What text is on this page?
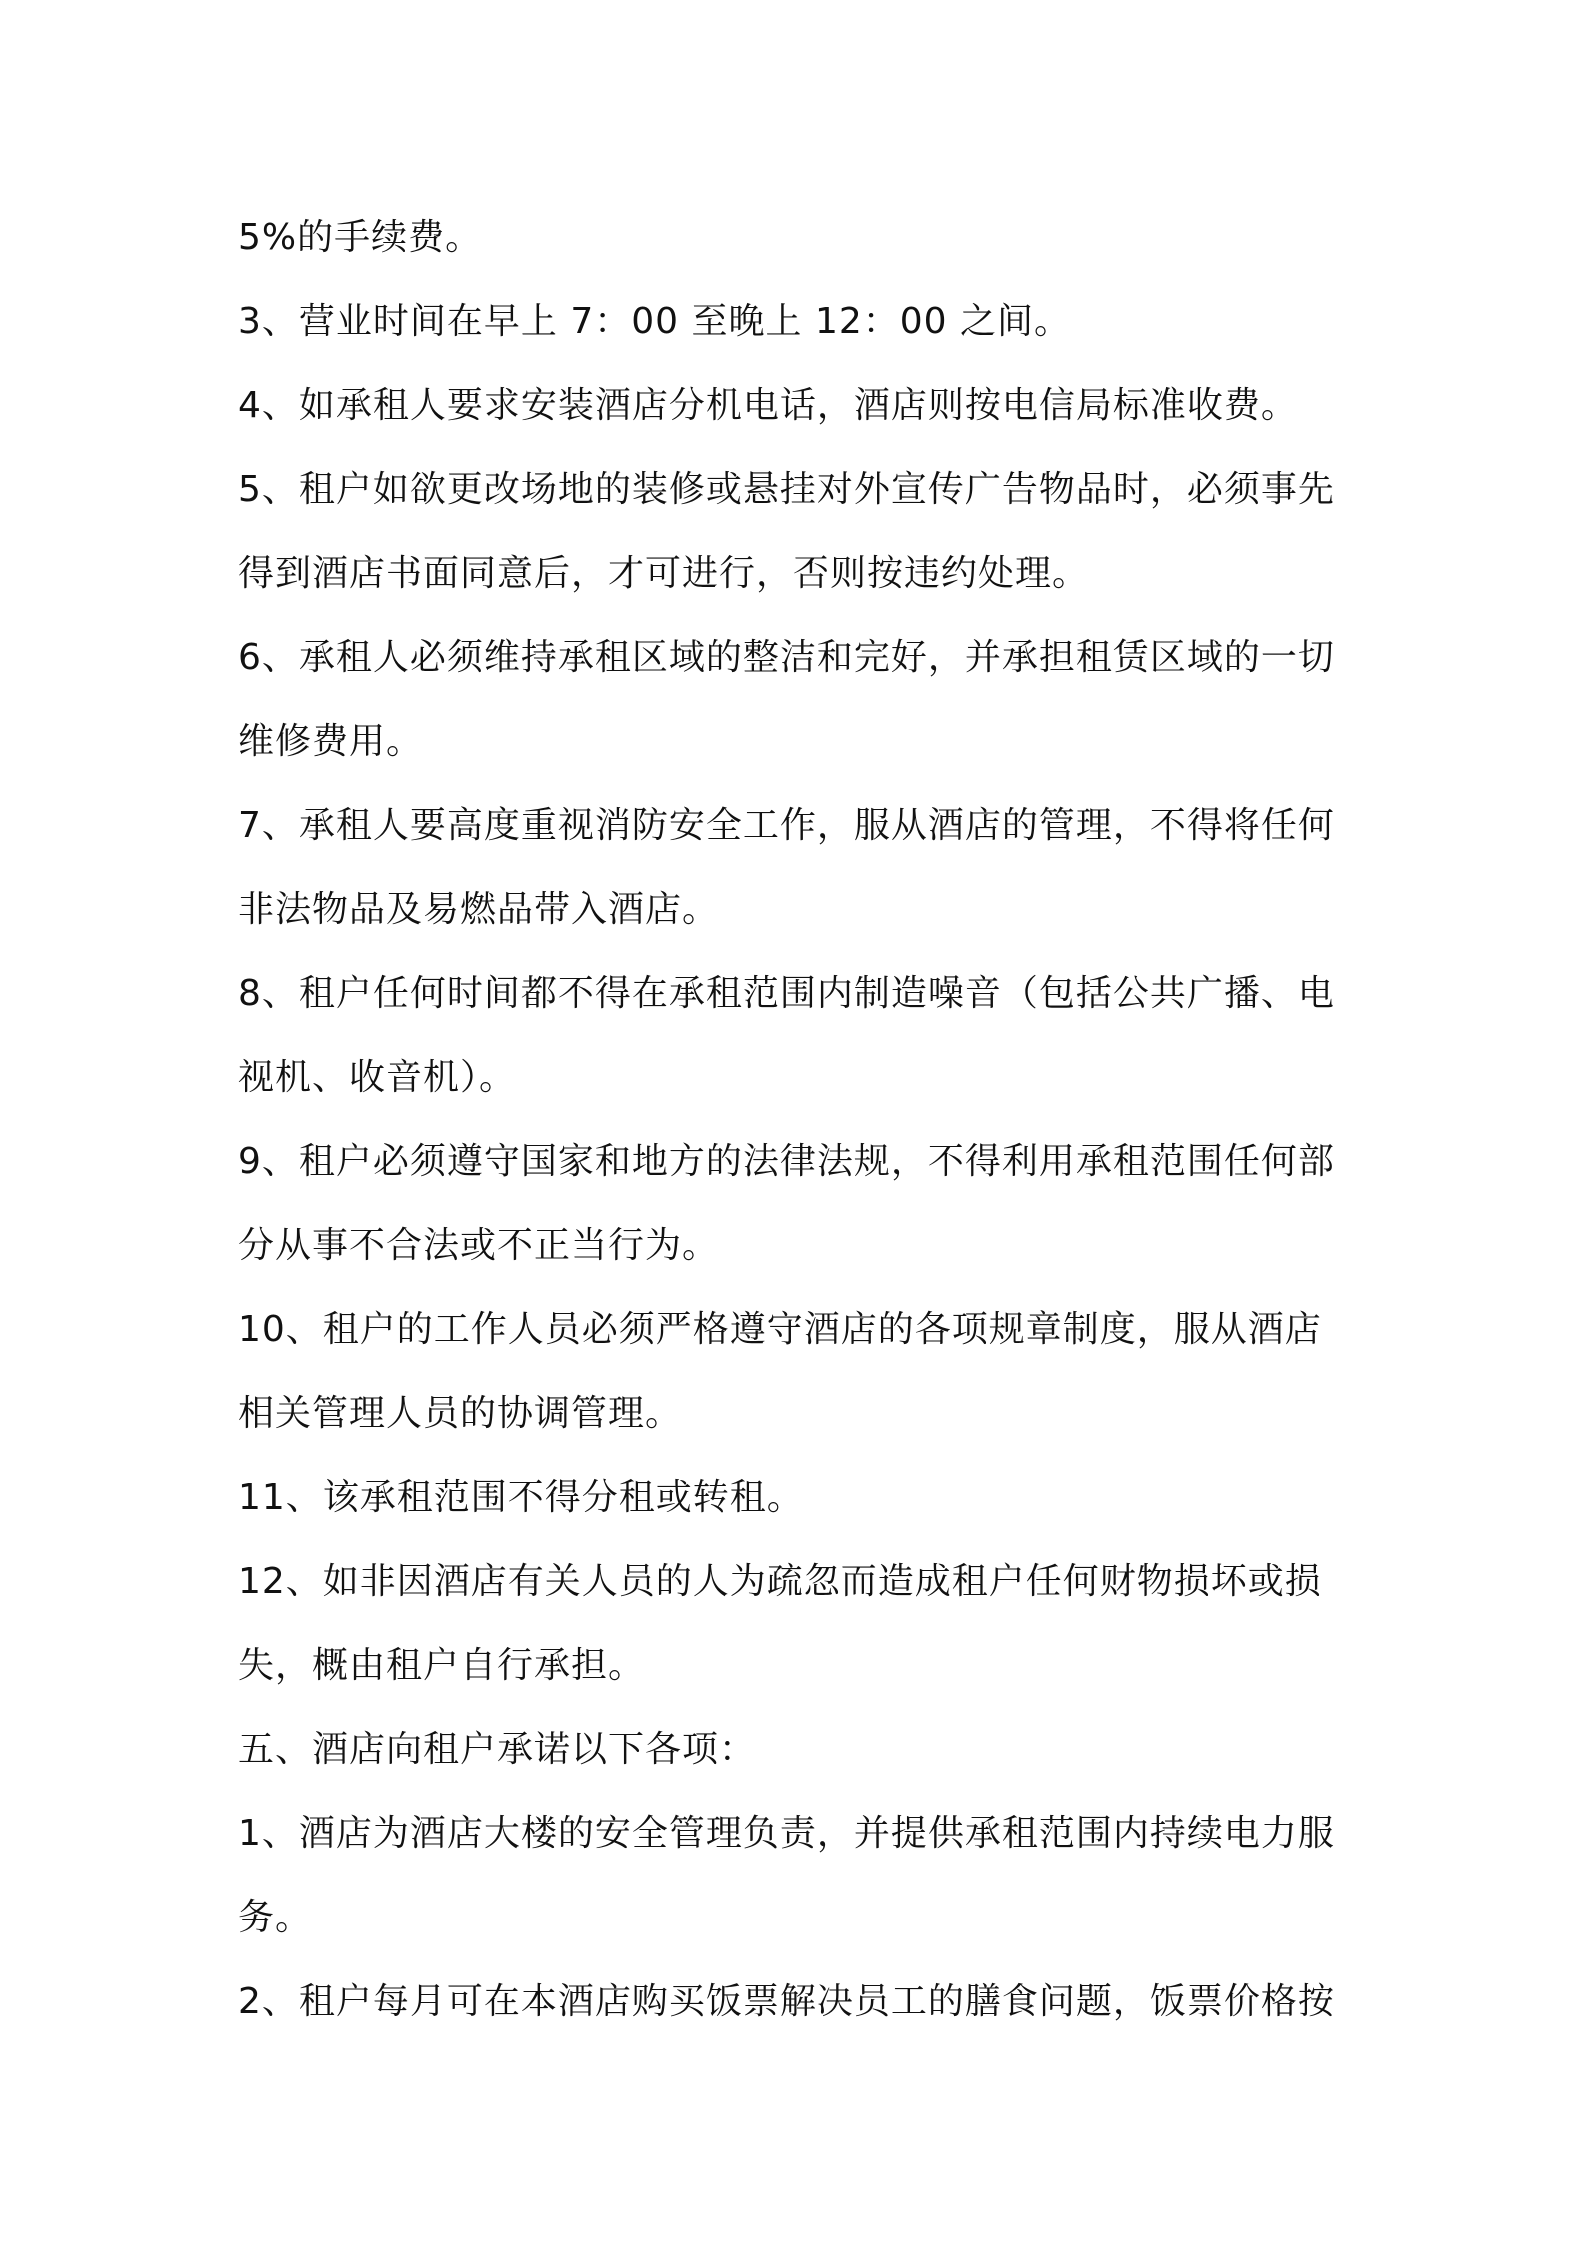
5%的手续费。

3、营业时间在早上 7：00 至晚上 12：00 之间。

4、如承租人要求安装酒店分机电话，酒店则按电信局标准收费。

5、租户如欲更改场地的装修或悬挂对外宣传广告物品时，必须事先

得到酒店书面同意后，才可进行，否则按违约处理。

6、承租人必须维持承租区域的整洁和完好，并承担租赁区域的一切

维修费用。

7、承租人要高度重视消防安全工作，服从酒店的管理，不得将任何

非法物品及易燃品带入酒店。

8、租户任何时间都不得在承租范围内制造噪音（包括公共广播、电

视机、收音机）。

9、租户必须遵守国家和地方的法律法规，不得利用承租范围任何部

分从事不合法或不正当行为。

10、租户的工作人员必须严格遵守酒店的各项规章制度，服从酒店

相关管理人员的协调管理。

11、该承租范围不得分租或转租。

12、如非因酒店有关人员的人为疏忽而造成租户任何财物损坏或损

失，概由租户自行承担。

五、酒店向租户承诺以下各项：

1、酒店为酒店大楼的安全管理负责，并提供承租范围内持续电力服

务。

2、租户每月可在本酒店购买饭票解决员工的膳食问题，饭票价格按
